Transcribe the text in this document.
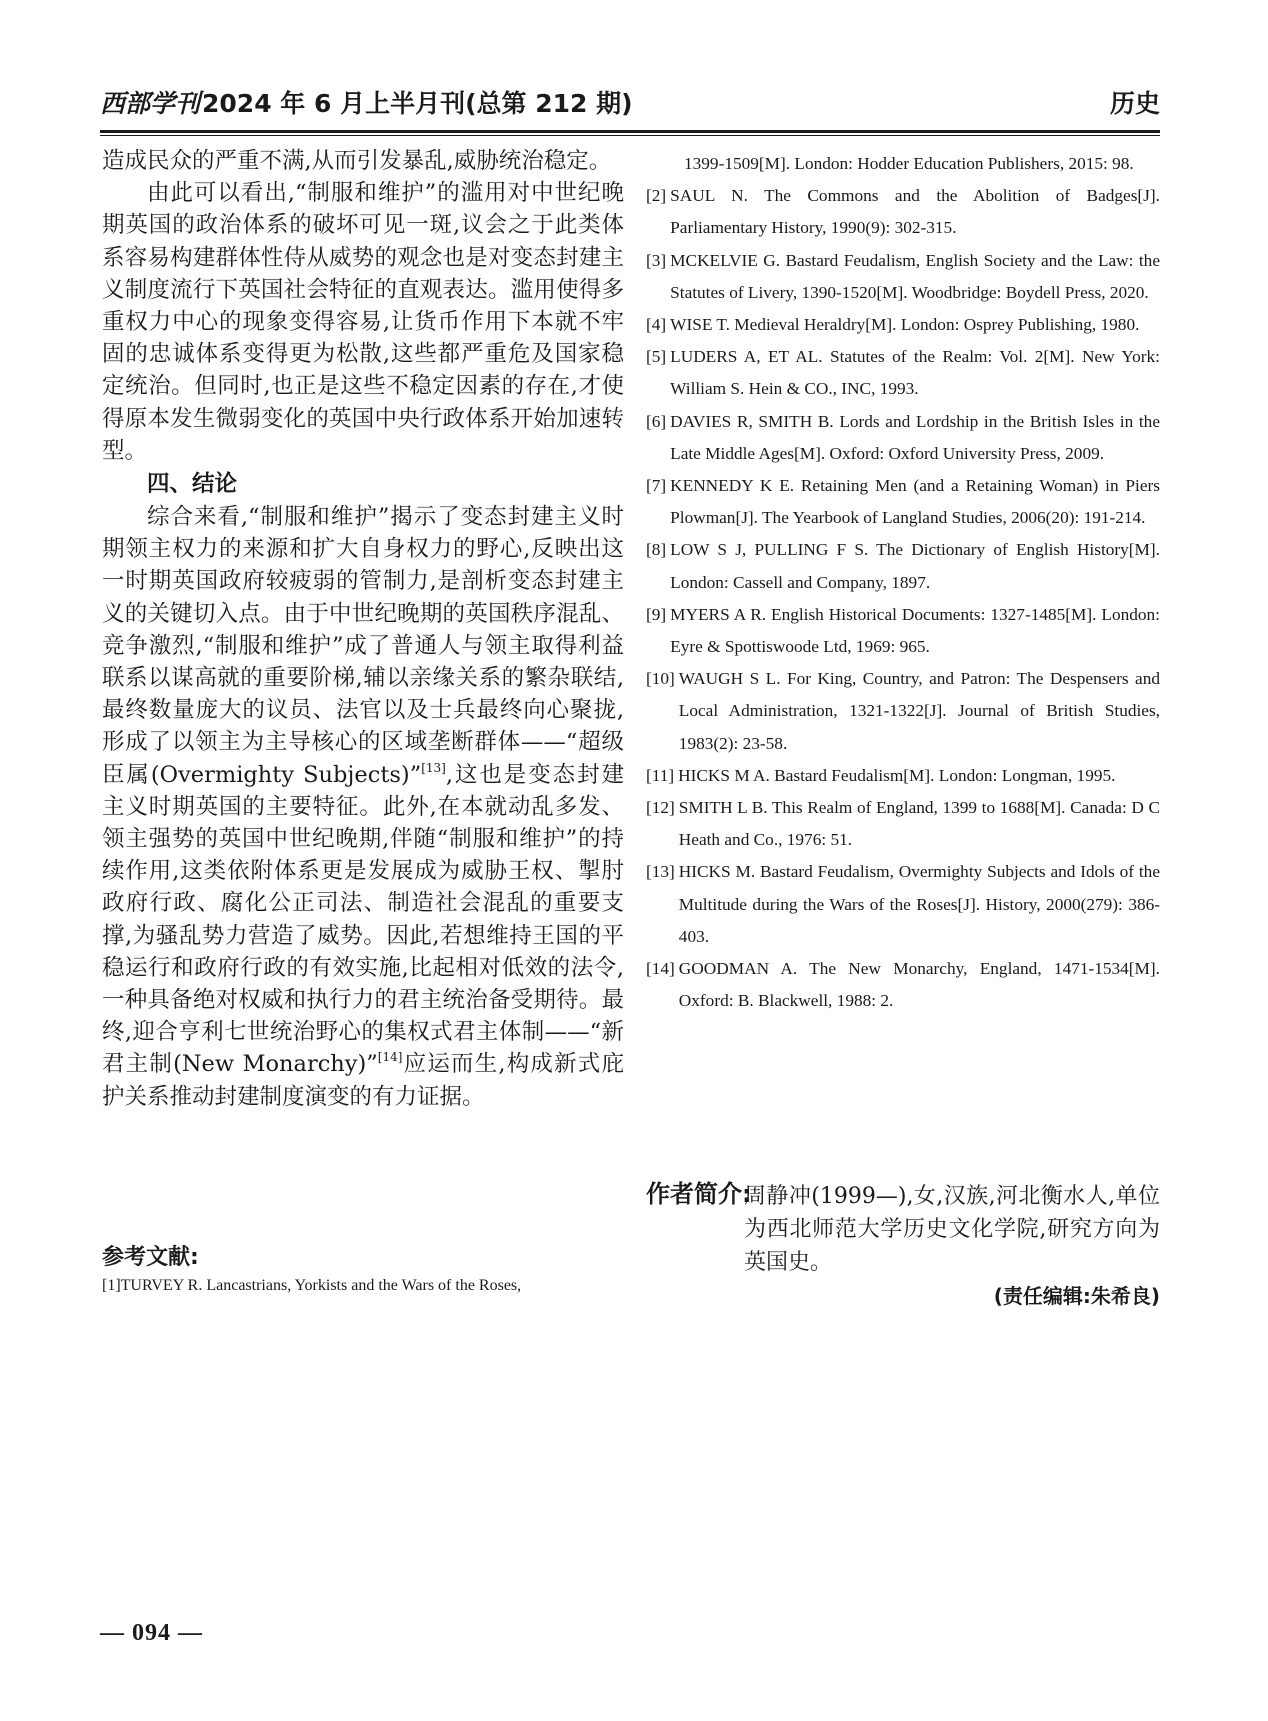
西部学刊2024 年 6 月上半月刊(总第 212 期)	历史

造成民众的严重不满,从而引发暴乱,威胁统治稳定。

由此可以看出,“制服和维护”的滥用对中世纪晚期英国的政治体系的破坏可见一斑,议会之于此类体系容易构建群体性侍从威势的观念也是对变态封建主义制度流行下英国社会特征的直观表达。滥用使得多重权力中心的现象变得容易,让货币作用下本就不牢固的忠诚体系变得更为松散,这些都严重危及国家稳定统治。但同时,也正是这些不稳定因素的存在,才使得原本发生微弱变化的英国中央行政体系开始加速转型。

四、结论

综合来看,“制服和维护”揭示了变态封建主义时期领主权力的来源和扩大自身权力的野心,反映出这一时期英国政府较疲弱的管制力,是剖析变态封建主义的关键切入点。由于中世纪晚期的英国秩序混乱、竞争激烈,“制服和维护”成了普通人与领主取得利益联系以谋高就的重要阶梯,辅以亲缘关系的繁杂联结,最终数量庞大的议员、法官以及士兵最终向心聚拢,形成了以领主为主导核心的区域垄断群体——“超级臣属(Overmighty Subjects)”[13],这也是变态封建主义时期英国的主要特征。此外,在本就动乱多发、领主强势的英国中世纪晚期,伴随“制服和维护”的持续作用,这类依附体系更是发展成为威胁王权、掣肘政府行政、腐化公正司法、制造社会混乱的重要支撑,为骚乱势力营造了威势。因此,若想维持王国的平稳运行和政府行政的有效实施,比起相对低效的法令,一种具备绝对权威和执行力的君主统治备受期待。最终,迎合亨利七世统治野心的集权式君主体制——“新君主制(New Monarchy)”[14]应运而生,构成新式庇护关系推动封建制度演变的有力证据。

参考文献:
[1]TURVEY R. Lancastrians, Yorkists and the Wars of the Roses,
1399-1509[M]. London: Hodder Education Publishers, 2015: 98.
[2] SAUL N. The Commons and the Abolition of Badges[J]. Parliamentary History, 1990(9): 302-315.
[3] MCKELVIE G. Bastard Feudalism, English Society and the Law: the Statutes of Livery, 1390-1520[M]. Woodbridge: Boydell Press, 2020.
[4] WISE T. Medieval Heraldry[M]. London: Osprey Publishing, 1980.
[5] LUDERS A, ET AL. Statutes of the Realm: Vol. 2[M]. New York: William S. Hein & CO., INC, 1993.
[6] DAVIES R, SMITH B. Lords and Lordship in the British Isles in the Late Middle Ages[M]. Oxford: Oxford University Press, 2009.
[7] KENNEDY K E. Retaining Men (and a Retaining Woman) in Piers Plowman[J]. The Yearbook of Langland Studies, 2006(20): 191-214.
[8] LOW S J, PULLING F S. The Dictionary of English History[M]. London: Cassell and Company, 1897.
[9] MYERS A R. English Historical Documents: 1327-1485[M]. London: Eyre & Spottiswoode Ltd, 1969: 965.
[10] WAUGH S L. For King, Country, and Patron: The Despensers and Local Administration, 1321-1322[J]. Journal of British Studies, 1983(2): 23-58.
[11] HICKS M A. Bastard Feudalism[M]. London: Longman, 1995.
[12] SMITH L B. This Realm of England, 1399 to 1688[M]. Canada: D C Heath and Co., 1976: 51.
[13] HICKS M. Bastard Feudalism, Overmighty Subjects and Idols of the Multitude during the Wars of the Roses[J]. History, 2000(279): 386-403.
[14] GOODMAN A. The New Monarchy, England, 1471-1534[M]. Oxford: B. Blackwell, 1988: 2.
作者简介:
周静冲(1999—),女,汉族,河北衡水人,单位为西北师范大学历史文化学院,研究方向为英国史。
(责任编辑:朱希良)
— 094 —
